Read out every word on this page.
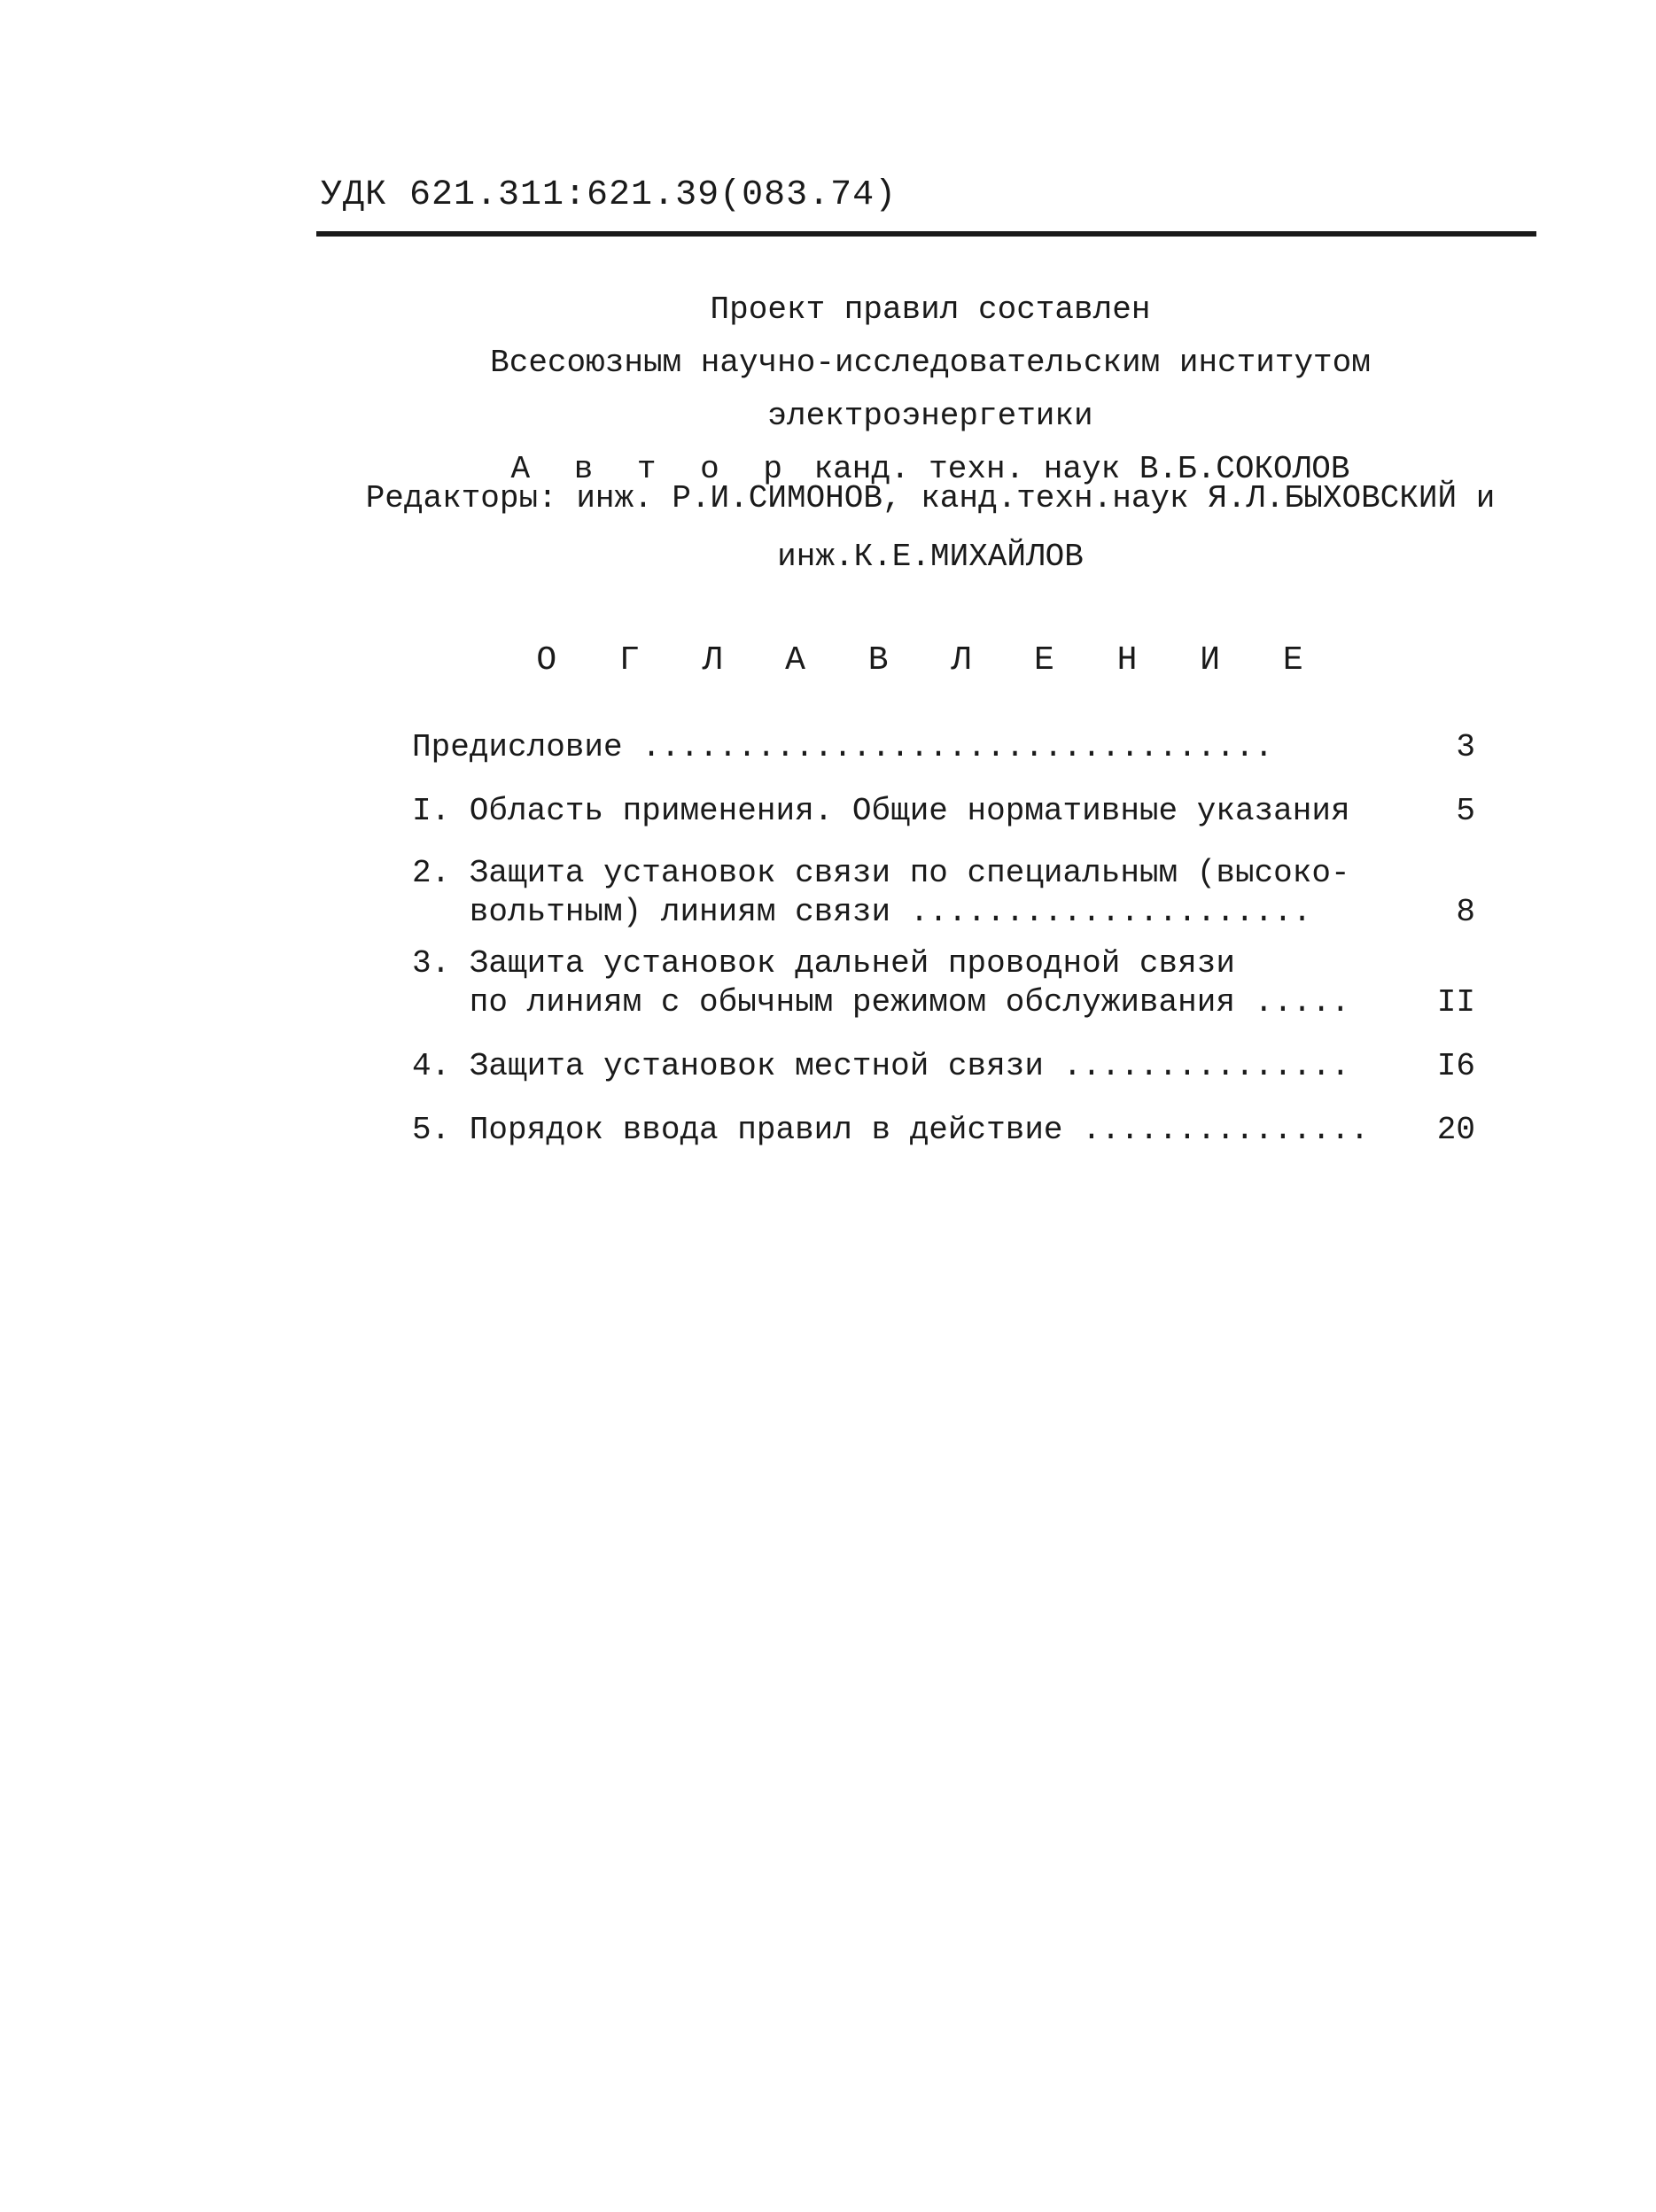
УДК 621.311:621.39(083.74)
Проект правил составлен
Всесоюзным научно-исследовательским институтом электроэнергетики
А в т о р канд. техн. наук В.Б.СОКОЛОВ
Редакторы: инж. Р.И.СИМОНОВ, канд.техн.наук Я.Л.БЫХОВСКИЙ и
инж.К.Е.МИХАЙЛОВ
О Г Л А В Л Е Н И Е
Предисловие .................................	3
I. Область применения. Общие нормативные указания	5
2. Защита установок связи по специальным (высоко-
вольтным) линиям связи .....................	8
3. Защита установок дальней проводной связи
по линиям с обычным режимом обслуживания .....	II
4. Защита установок местной связи ...............	I6
5. Порядок ввода правил в действие ...............	20
